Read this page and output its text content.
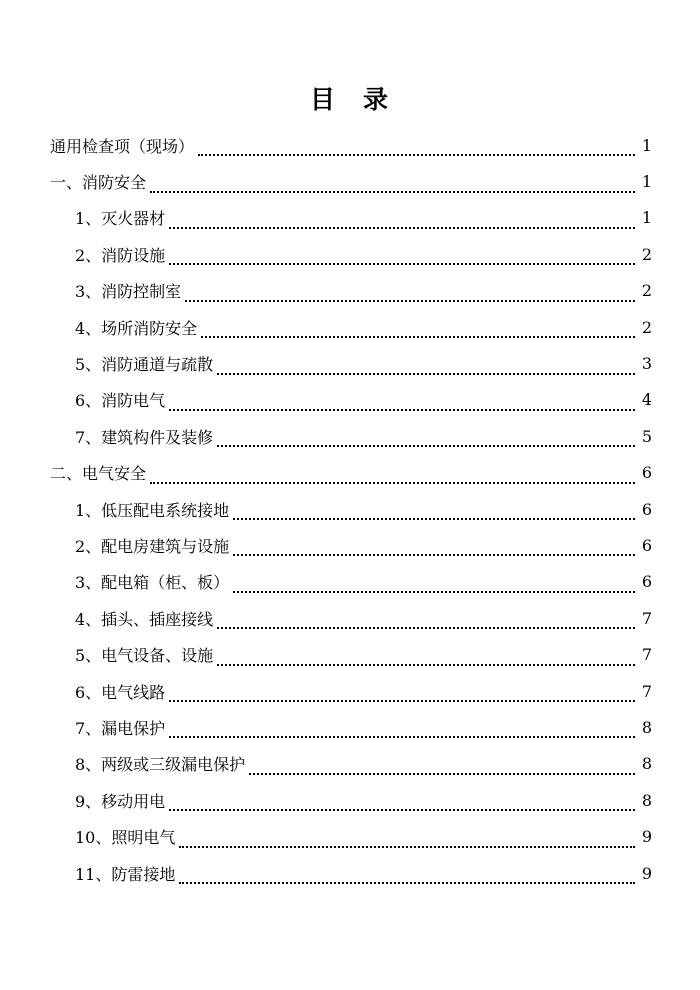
目 录
通用检查项（现场）	1
一、消防安全	1
1、灭火器材	1
2、消防设施	2
3、消防控制室	2
4、场所消防安全	2
5、消防通道与疏散	3
6、消防电气	4
7、建筑构件及装修	5
二、电气安全	6
1、低压配电系统接地	6
2、配电房建筑与设施	6
3、配电箱（柜、板）	6
4、插头、插座接线	7
5、电气设备、设施	7
6、电气线路	7
7、漏电保护	8
8、两级或三级漏电保护	8
9、移动用电	8
10、照明电气	9
11、防雷接地	9
